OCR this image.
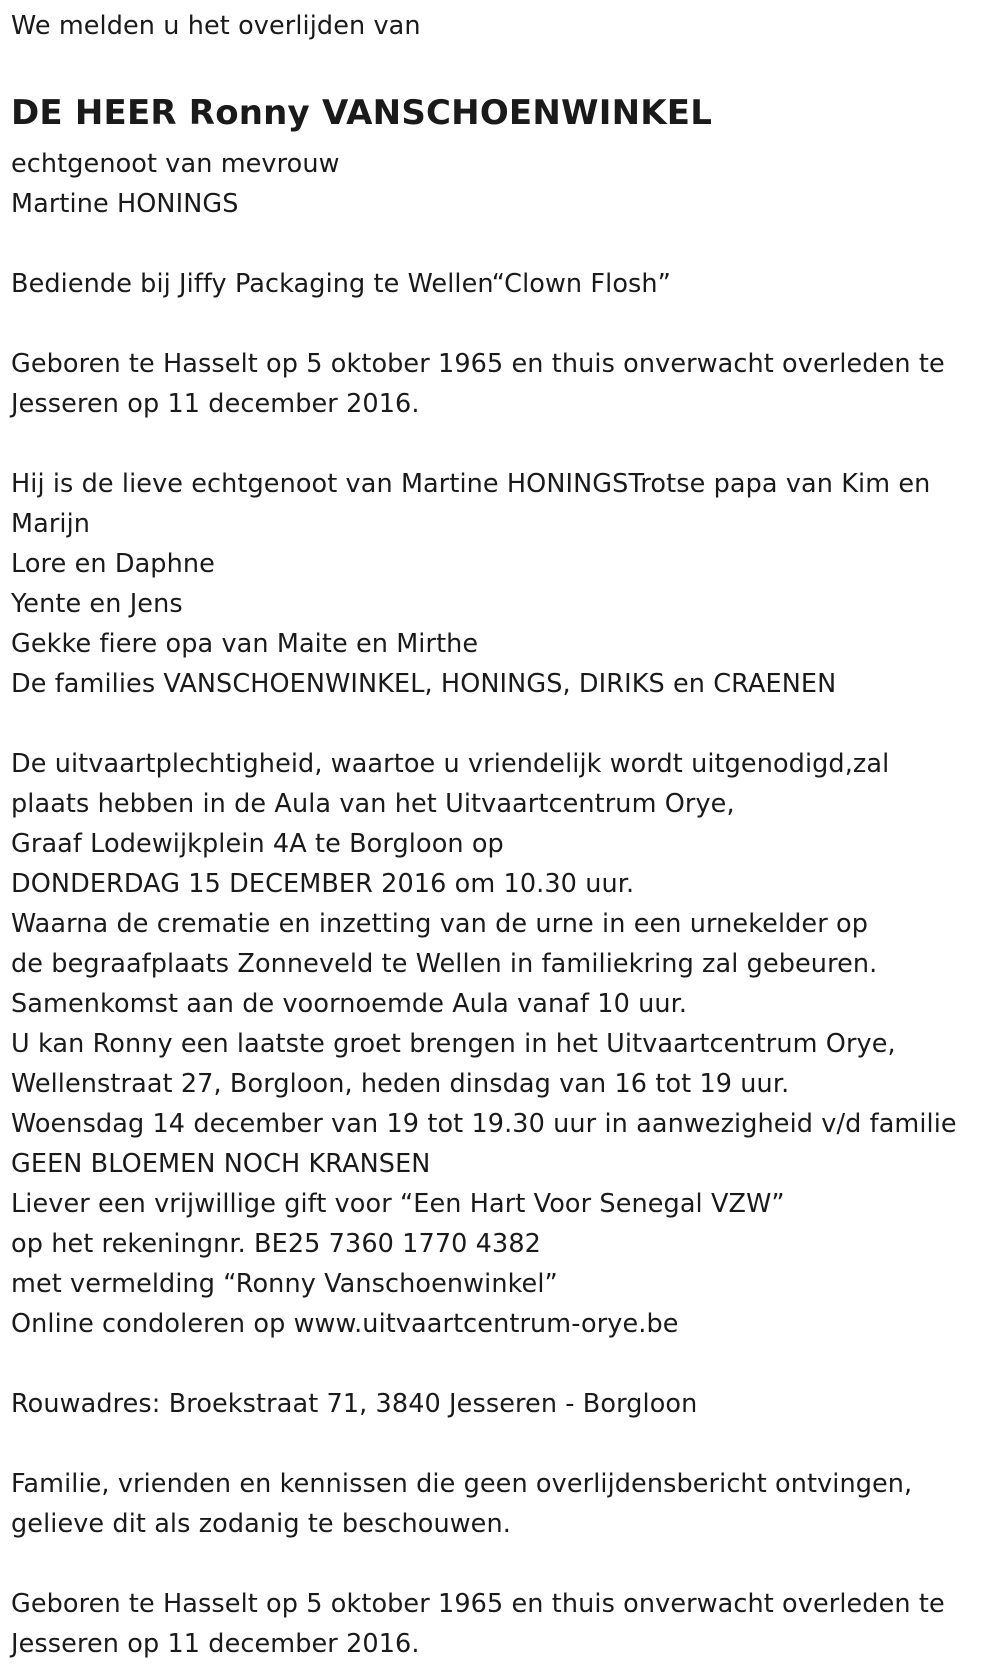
We melden u het overlijden van
DE HEER Ronny VANSCHOENWINKEL
echtgenoot van mevrouw
Martine HONINGS
Bediende bij Jiffy Packaging te Wellen“Clown Flosh”
Geboren te Hasselt op 5 oktober 1965 en thuis onverwacht overleden te
Jesseren op 11 december 2016.
Hij is de lieve echtgenoot van Martine HONINGSTrotse papa van Kim en
Marijn
Lore en Daphne
Yente en Jens
Gekke fiere opa van Maite en Mirthe
De families VANSCHOENWINKEL, HONINGS, DIRIKS en CRAENEN
De uitvaartplechtigheid, waartoe u vriendelijk wordt uitgenodigd,zal
plaats hebben in de Aula van het Uitvaartcentrum Orye,
Graaf Lodewijkplein 4A te Borgloon op
DONDERDAG 15 DECEMBER 2016 om 10.30 uur.
Waarna de crematie en inzetting van de urne in een urnekelder op
de begraafplaats Zonneveld te Wellen in familiekring zal gebeuren.
Samenkomst aan de voornoemde Aula vanaf 10 uur.
U kan Ronny een laatste groet brengen in het Uitvaartcentrum Orye,
Wellenstraat 27, Borgloon, heden dinsdag van 16 tot 19 uur.
Woensdag 14 december van 19 tot 19.30 uur in aanwezigheid v/d familie
GEEN BLOEMEN NOCH KRANSEN
Liever een vrijwillige gift voor “Een Hart Voor Senegal VZW”
op het rekeningnr. BE25 7360 1770 4382
met vermelding “Ronny Vanschoenwinkel”
Online condoleren op www.uitvaartcentrum-orye.be
Rouwadres: Broekstraat 71, 3840 Jesseren - Borgloon
Familie, vrienden en kennissen die geen overlijdensbericht ontvingen,
gelieve dit als zodanig te beschouwen.
Geboren te Hasselt op 5 oktober 1965 en thuis onverwacht overleden te
Jesseren op 11 december 2016.
